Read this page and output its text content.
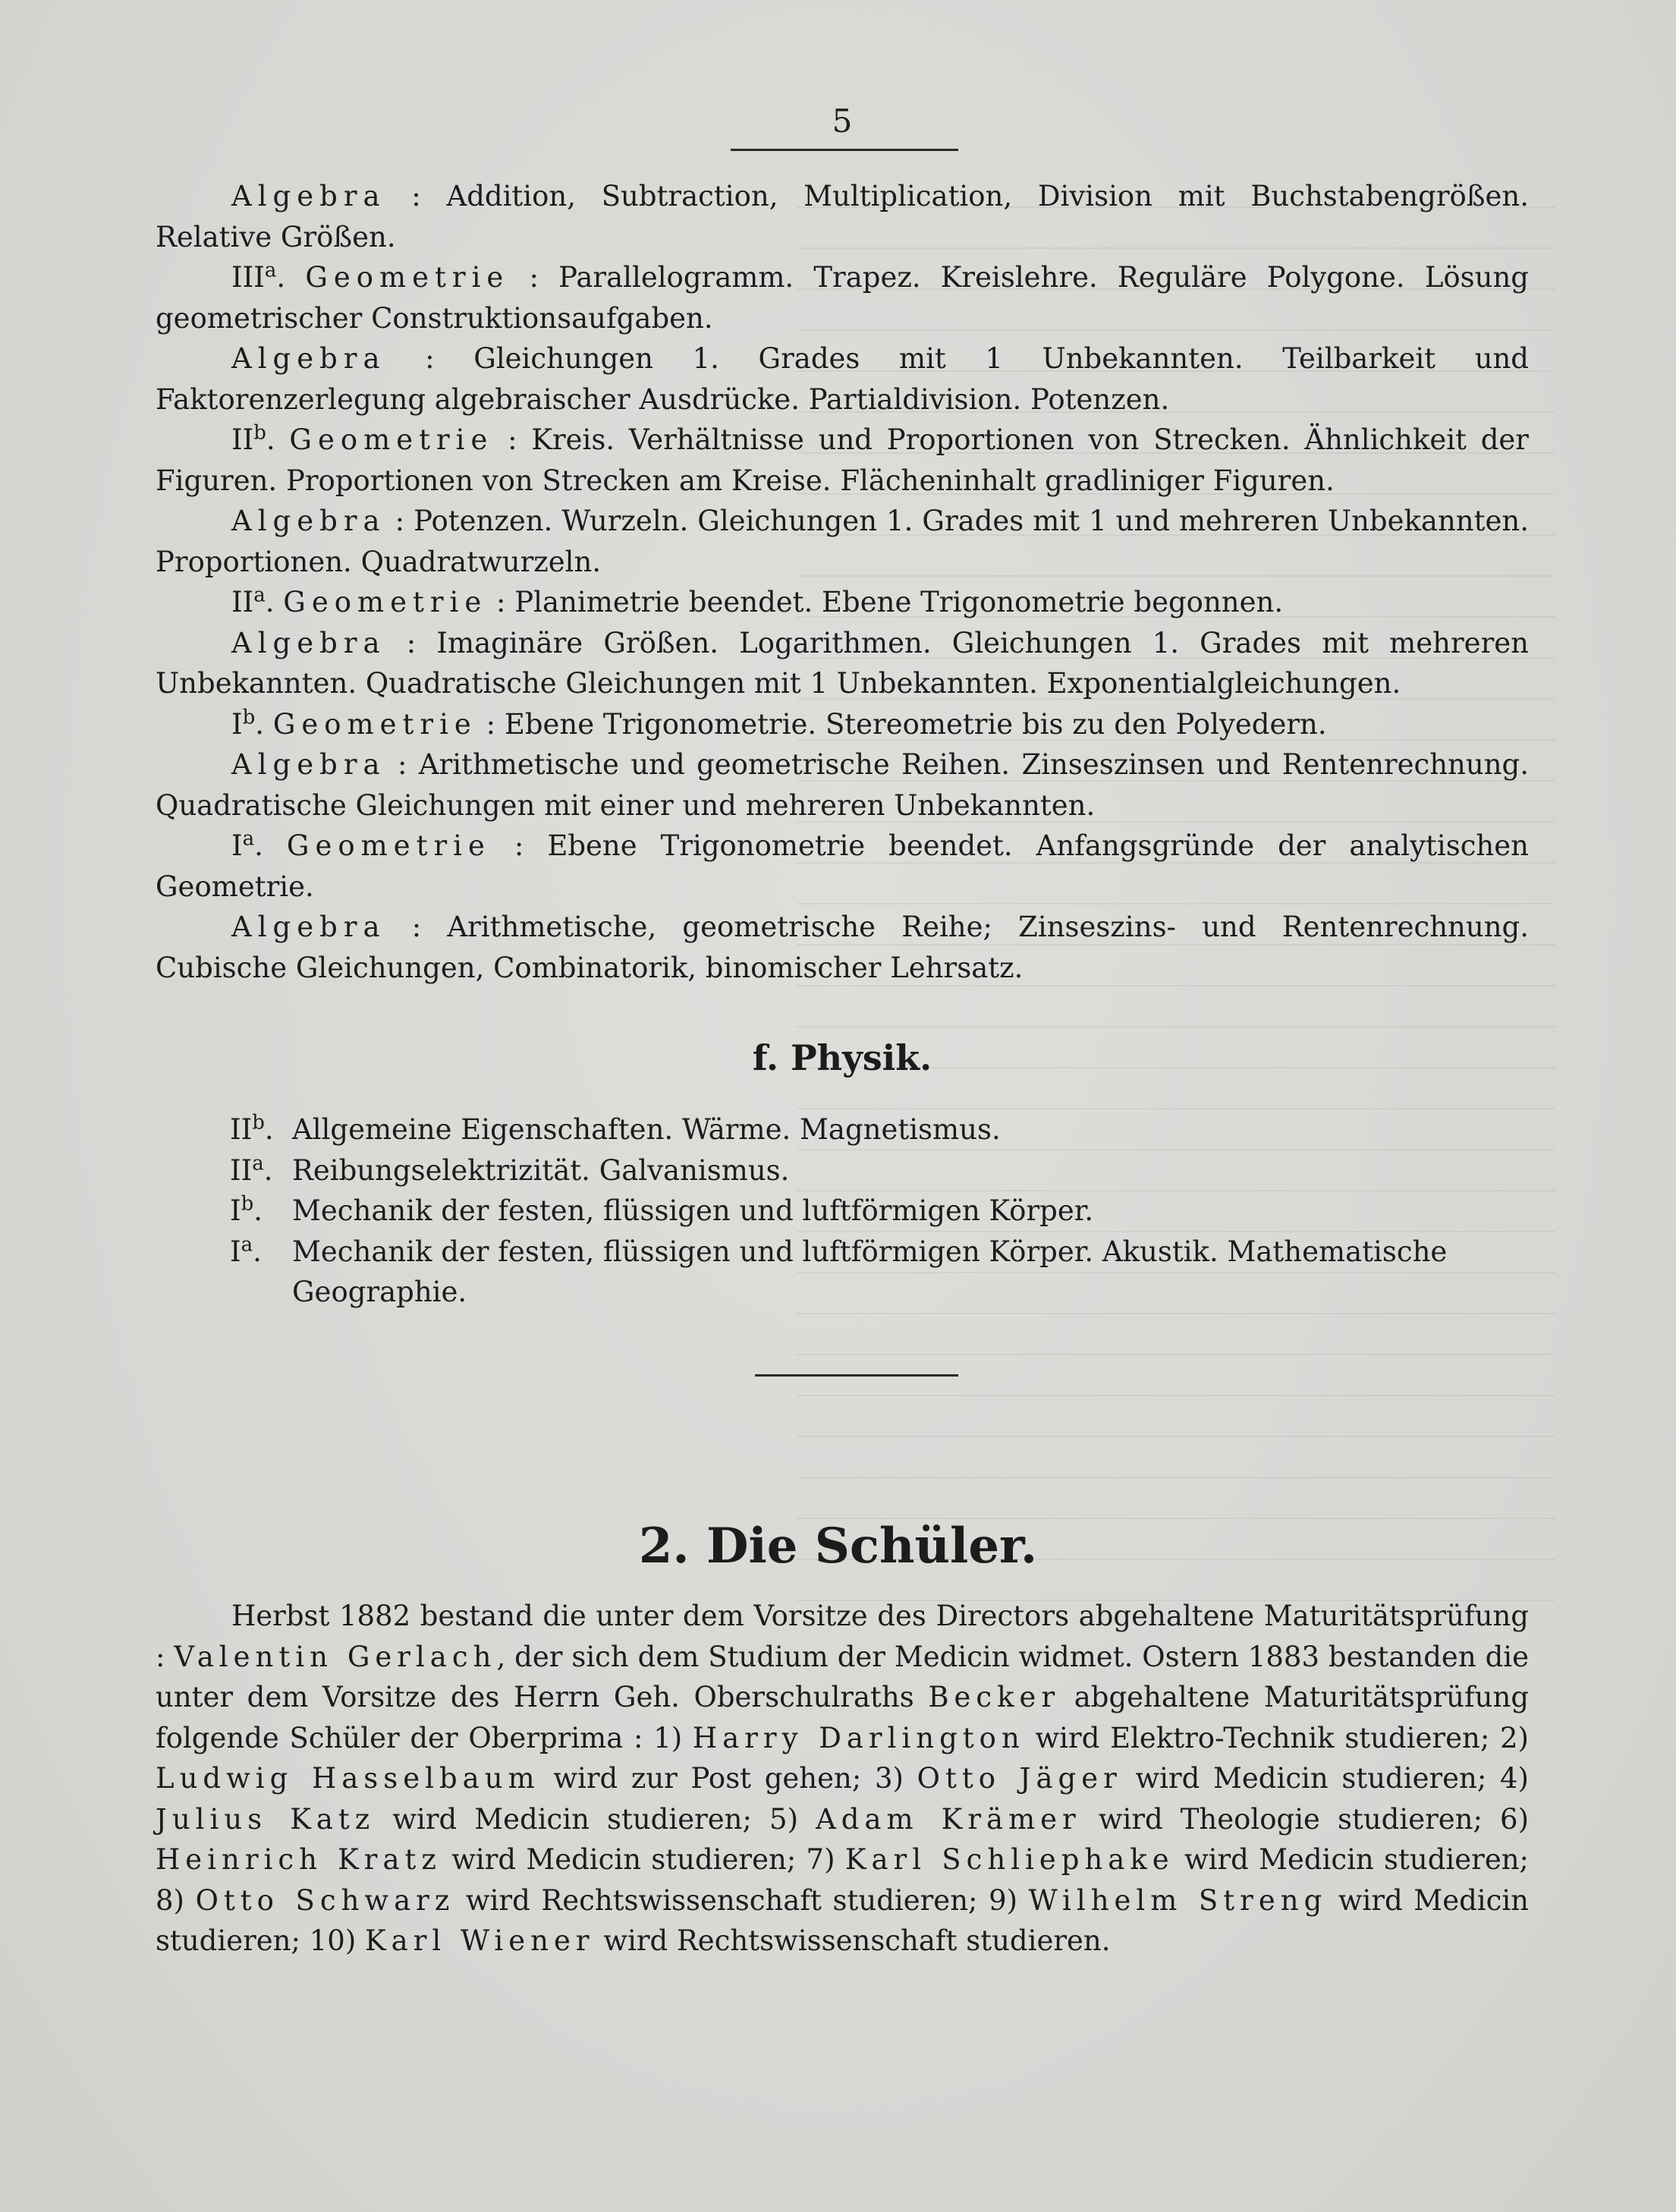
5

Algebra : Addition, Subtraction, Multiplication, Division mit Buchstabengrößen. Relative Größen.

III$^a$. Geometrie : Parallelogramm. Trapez. Kreislehre. Reguläre Polygone. Lösung geometrischer Construktionsaufgaben.

Algebra : Gleichungen 1. Grades mit 1 Unbekannten. Teilbarkeit und Faktorenzerlegung algebraischer Ausdrücke. Partialdivision. Potenzen.

$II^b$. Geometrie : Kreis. Verhältnisse und Proportionen von Strecken. Ähnlichkeit der Figuren. Proportionen von Strecken am Kreise. Flächeninhalt gradliniger Figuren.

Algebra : Potenzen. Wurzeln. Gleichungen 1. Grades mit 1 und mehreren Unbekannten. Proportionen. Quadratwurzeln.

$II^a$. Geometrie : Planimetrie beendet. Ebene Trigonometrie begonnen.

Algebra : Imaginäre Größen. Logarithmen. Gleichungen 1. Grades mit mehreren Unbekannten. Quadratische Gleichungen mit 1 Unbekannten. Exponentialgleichungen.

$I^b$. Geometrie : Ebene Trigonometrie. Stereometrie bis zu den Polyedern.

Algebra : Arithmetische und geometrische Reihen. Zinseszinsen und Rentenrechnung. Quadratische Gleichungen mit einer und mehreren Unbekannten.

$I^a$. Geometrie : Ebene Trigonometrie beendet. Anfangsgründe der analytischen Geometrie.

Algebra : Arithmetische, geometrische Reihe; Zinseszins- und Rentenrechnung. Cubische Gleichungen, Combinatorik, binomischer Lehrsatz.

f. Physik.

$II^b$. Allgemeine Eigenschaften. Wärme. Magnetismus.

$II^a$. Reibungselektrizität. Galvanismus.

$I^b$.	Mechanik der festen, flüssigen und luftförmigen Körper.

$I^a$.	Mechanik der festen, flüssigen und luftförmigen Körper. Akustik. Mathematische Geographie.

2. Die Schüler.

Herbst 1882 bestand die unter dem Vorsitze des Directors abgehaltene Maturitätsprüfung : Valentin Gerlach, der sich dem Studium der Medicin widmet. Ostern 1883 bestanden die unter dem Vorsitze des Herrn Geh. Oberschulraths Becker abgehaltene Maturitätsprüfung folgende Schüler der Oberprima : 1) Harry Darlington wird Elektro-Technik studieren; 2) Ludwig Hasselbaum wird zur Post gehen; 3) Otto Jäger wird Medicin studieren; 4) Julius Katz wird Medicin studieren; 5) Adam Krämer wird Theologie studieren; 6) Heinrich Kratz wird Medicin studieren; 7) Karl Schliephake wird Medicin studieren; 8) Otto Schwarz wird Rechtswissenschaft studieren; 9) Wilhelm Streng wird Medicin studieren; 10) Karl Wiener wird Rechtswissenschaft studieren.
